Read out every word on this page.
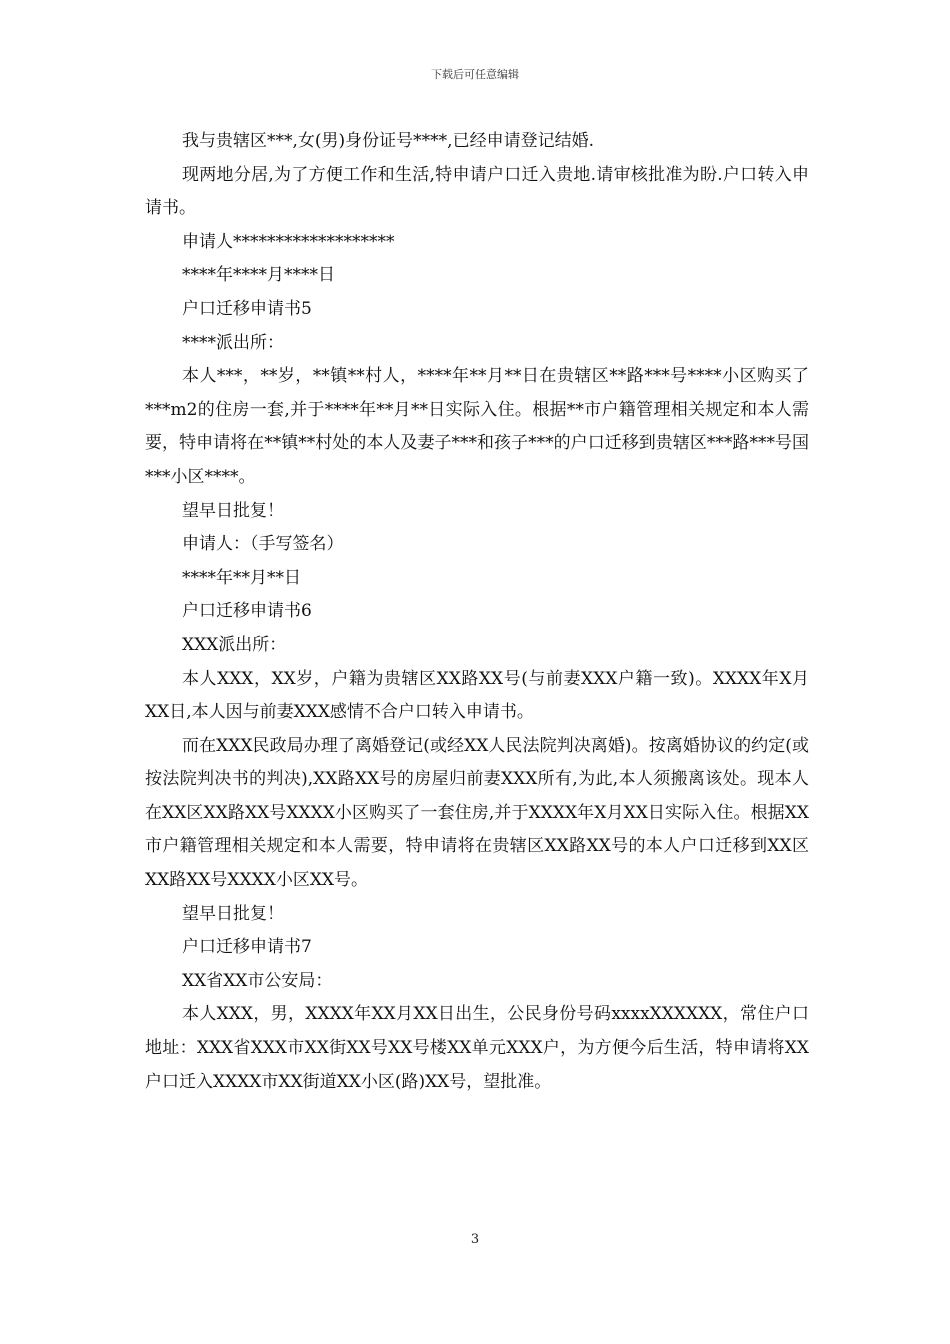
下载后可任意编辑

我与贵辖区***,女(男)身份证号****,已经申请登记结婚.

现两地分居,为了方便工作和生活,特申请户口迁入贵地.请审核批准为盼.户口转入申请书。

申请人*******************

****年****月****日

户口迁移申请书5

****派出所：

本人***，**岁，**镇**村人，****年**月**日在贵辖区**路***号****小区购买了***m2的住房一套,并于****年**月**日实际入住。根据**市户籍管理相关规定和本人需要，特申请将在**镇**村处的本人及妻子***和孩子***的户口迁移到贵辖区***路***号国***小区****。

望早日批复！

申请人：（手写签名）

****年**月**日

户口迁移申请书6

XXX派出所：

本人XXX，XX岁，户籍为贵辖区XX路XX号(与前妻XXX户籍一致)。XXXX年X月XX日,本人因与前妻XXX感情不合户口转入申请书。

而在XXX民政局办理了离婚登记(或经XX人民法院判决离婚)。按离婚协议的约定(或按法院判决书的判决),XX路XX号的房屋归前妻XXX所有,为此,本人须搬离该处。现本人在XX区XX路XX号XXXX小区购买了一套住房,并于XXXX年X月XX日实际入住。根据XX市户籍管理相关规定和本人需要，特申请将在贵辖区XX路XX号的本人户口迁移到XX区XX路XX号XXXX小区XX号。

望早日批复！

户口迁移申请书7

XX省XX市公安局：

本人XXX，男，XXXX年XX月XX日出生，公民身份号码xxxxXXXXXX，常住户口地址：XXX省XXX市XX街XX号XX号楼XX单元XXX户，为方便今后生活，特申请将XX户口迁入XXXX市XX街道XX小区(路)XX号，望批准。

3
